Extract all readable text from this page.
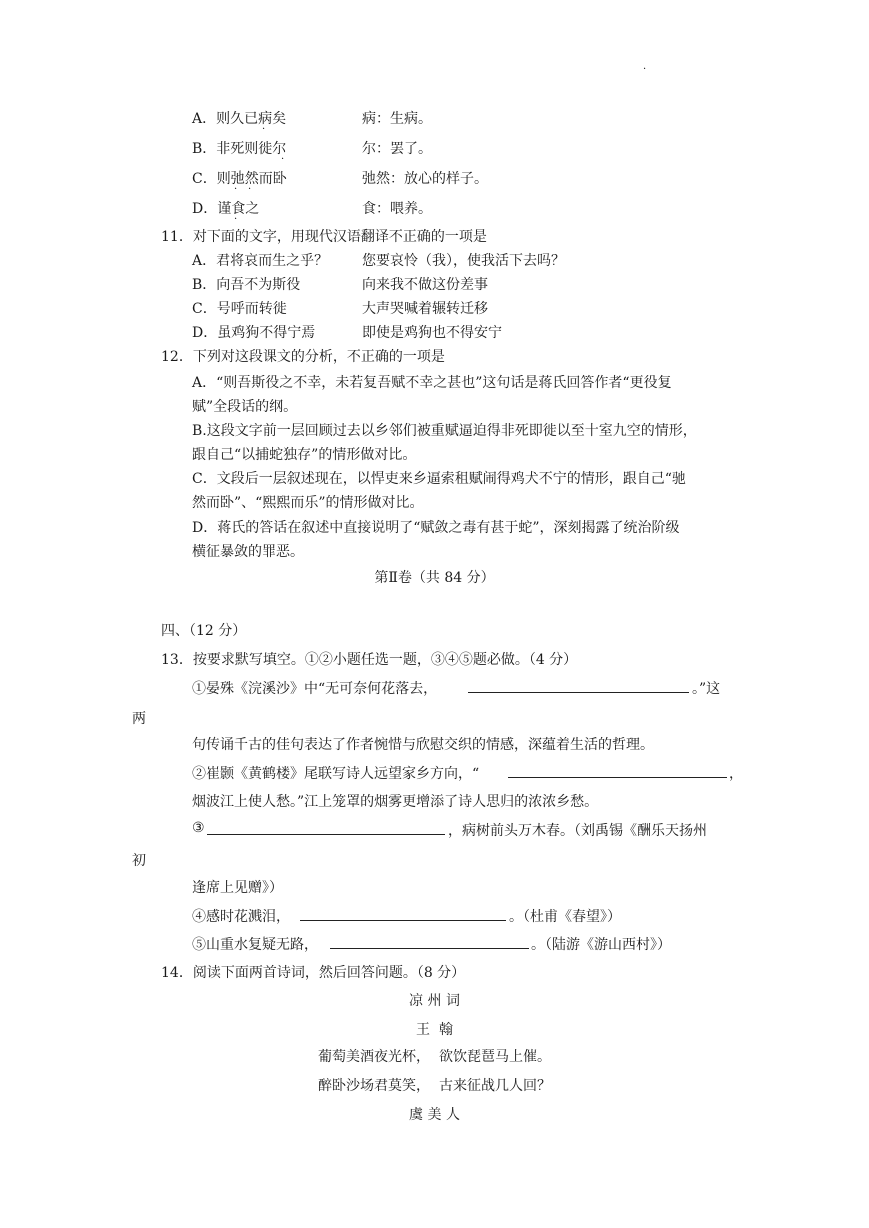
·
A．则久已病矣	病：生病。
·
B．非死则徙尔	尔：罢了。
·
C．则弛然而卧	弛然：放心的样子。
· ·
D．谨食之	食：喂养。
·
11．对下面的文字，用现代汉语翻译不正确的一项是
A．君将哀而生之乎？ 您要哀怜（我），使我活下去吗？
B．向吾不为斯役	向来我不做这份差事
C．号呼而转徙	大声哭喊着辗转迁移
D．虽鸡狗不得宁焉	即使是鸡狗也不得安宁
12．下列对这段课文的分析，不正确的一项是
A．“则吾斯役之不幸，未若复吾赋不幸之甚也”这句话是蒋氏回答作者“更役复
赋”全段话的纲。
B.这段文字前一层回顾过去以乡邻们被重赋逼迫得非死即徙以至十室九空的情形，
跟自己“以捕蛇独存”的情形做对比。
C．文段后一层叙述现在，以悍吏来乡逼索租赋闹得鸡犬不宁的情形，跟自己“驰
然而卧”、“熙熙而乐”的情形做对比。
D．蒋氏的答话在叙述中直接说明了“赋敛之毒有甚于蛇”，深刻揭露了统治阶级
横征暴敛的罪恶。
第Ⅱ卷（共 84 分）
四、（12 分）
13．按要求默写填空。①②小题任选一题，③④⑤题必做。（4 分）
①晏殊《浣溪沙》中“无可奈何花落去，	。”这
两
句传诵千古的佳句表达了作者惋惜与欣慰交织的情感，深蕴着生活的哲理。
②崔颢《黄鹤楼》尾联写诗人远望家乡方向，“	，
烟波江上使人愁。”江上笼罩的烟雾更增添了诗人思归的浓浓乡愁。
③	，病树前头万木春。（刘禹锡《酬乐天扬州
初
逢席上见赠》）
④感时花溅泪，	。（杜甫《春望》）
⑤山重水复疑无路，	。（陆游《游山西村》）
14．阅读下面两首诗词，然后回答问题。（8 分）
凉 州 词
王  翰
葡萄美酒夜光杯，  欲饮琵琶马上催。
醉卧沙场君莫笑，  古来征战几人回？
虞 美 人
